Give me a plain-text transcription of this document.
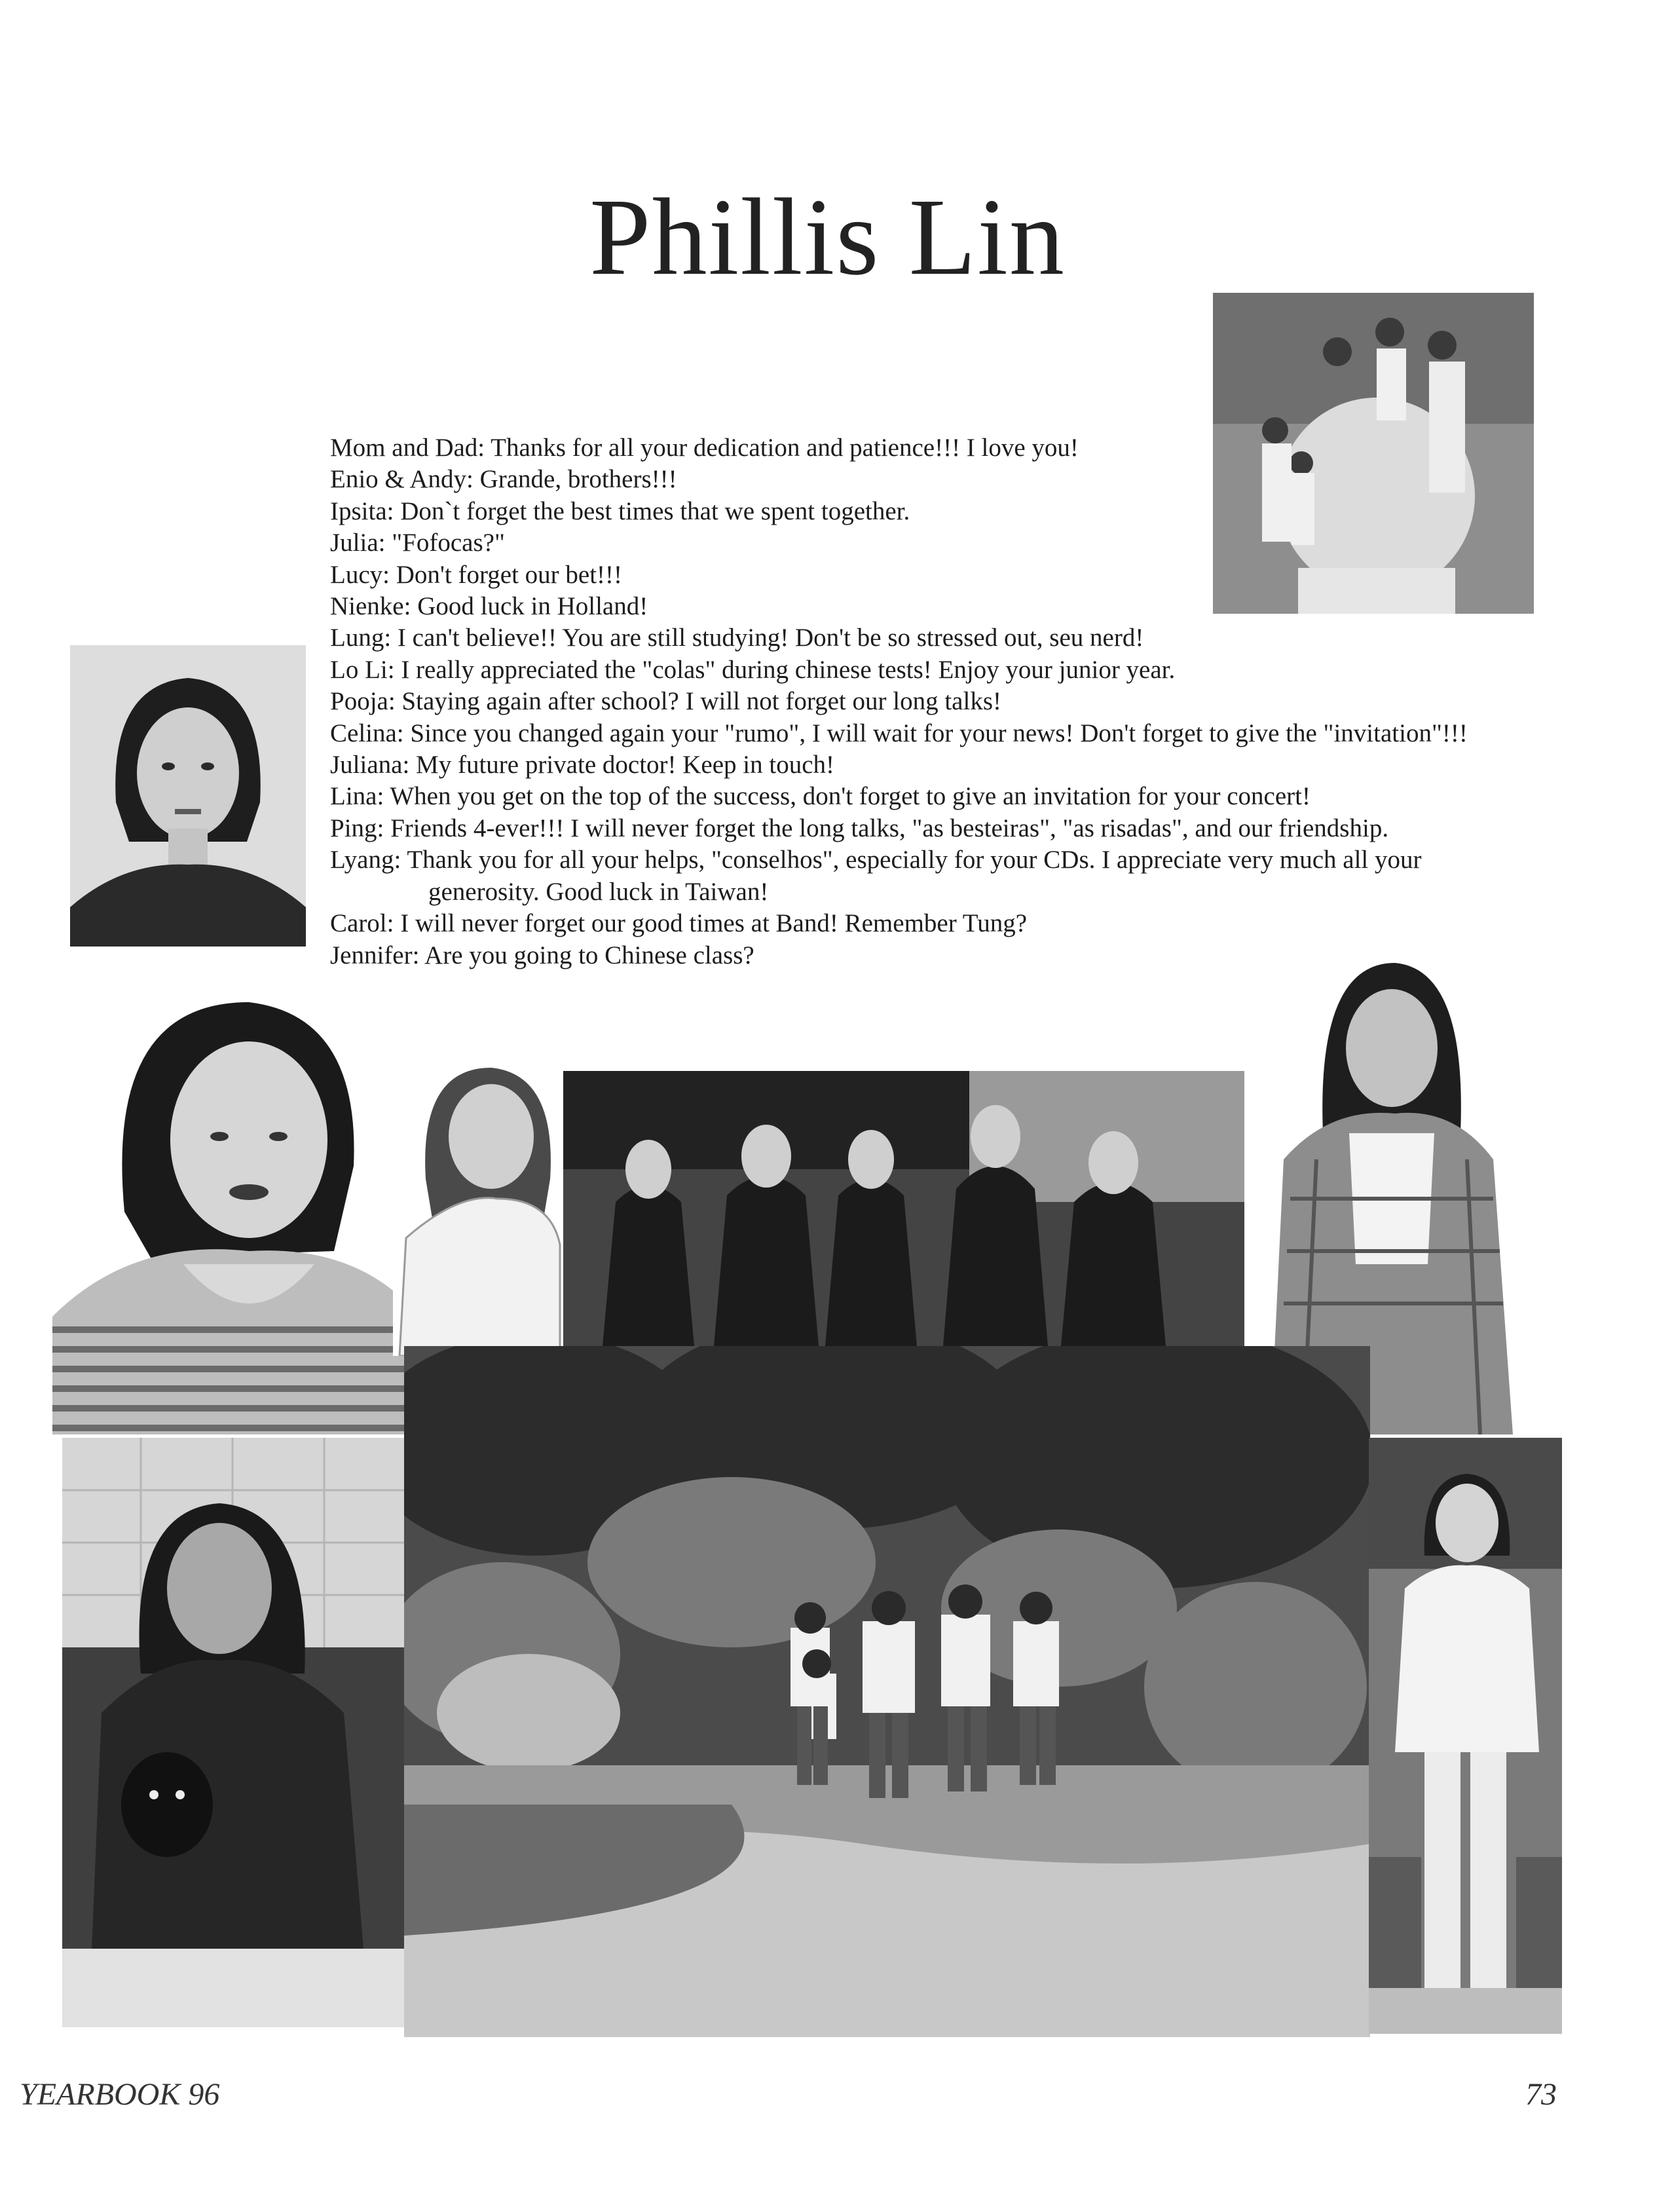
Phillis Lin

Mom and Dad: Thanks for all your dedication and patience!!! I love you!

Enio & Andy: Grande, brothers!!!

Ipsita: Don`t forget the best times that we spent together.

Julia: "Fofocas?"

Lucy: Don't forget our bet!!!

Nienke: Good luck in Holland!

Lung: I can't believe!! You are still studying! Don't be so stressed out, seu nerd!

Lo Li: I really appreciated the "colas" during chinese tests! Enjoy your junior year.

Pooja: Staying again after school? I will not forget our long talks!

Celina: Since you changed again your "rumo", I will wait for your news! Don't forget to give the "invitation"!!!

Juliana: My future private doctor! Keep in touch!

Lina: When you get on the top of the success, don't forget to give an invitation for your concert!

Ping: Friends 4-ever!!! I will never forget the long talks, "as besteiras", "as risadas", and our friendship.

Lyang: Thank you for all your helps, "conselhos", especially for your CDs. I appreciate very much all your generosity. Good luck in Taiwan!

Carol: I will never forget our good times at Band! Remember Tung?

Jennifer: Are you going to Chinese class?

YEARBOOK 96	73
